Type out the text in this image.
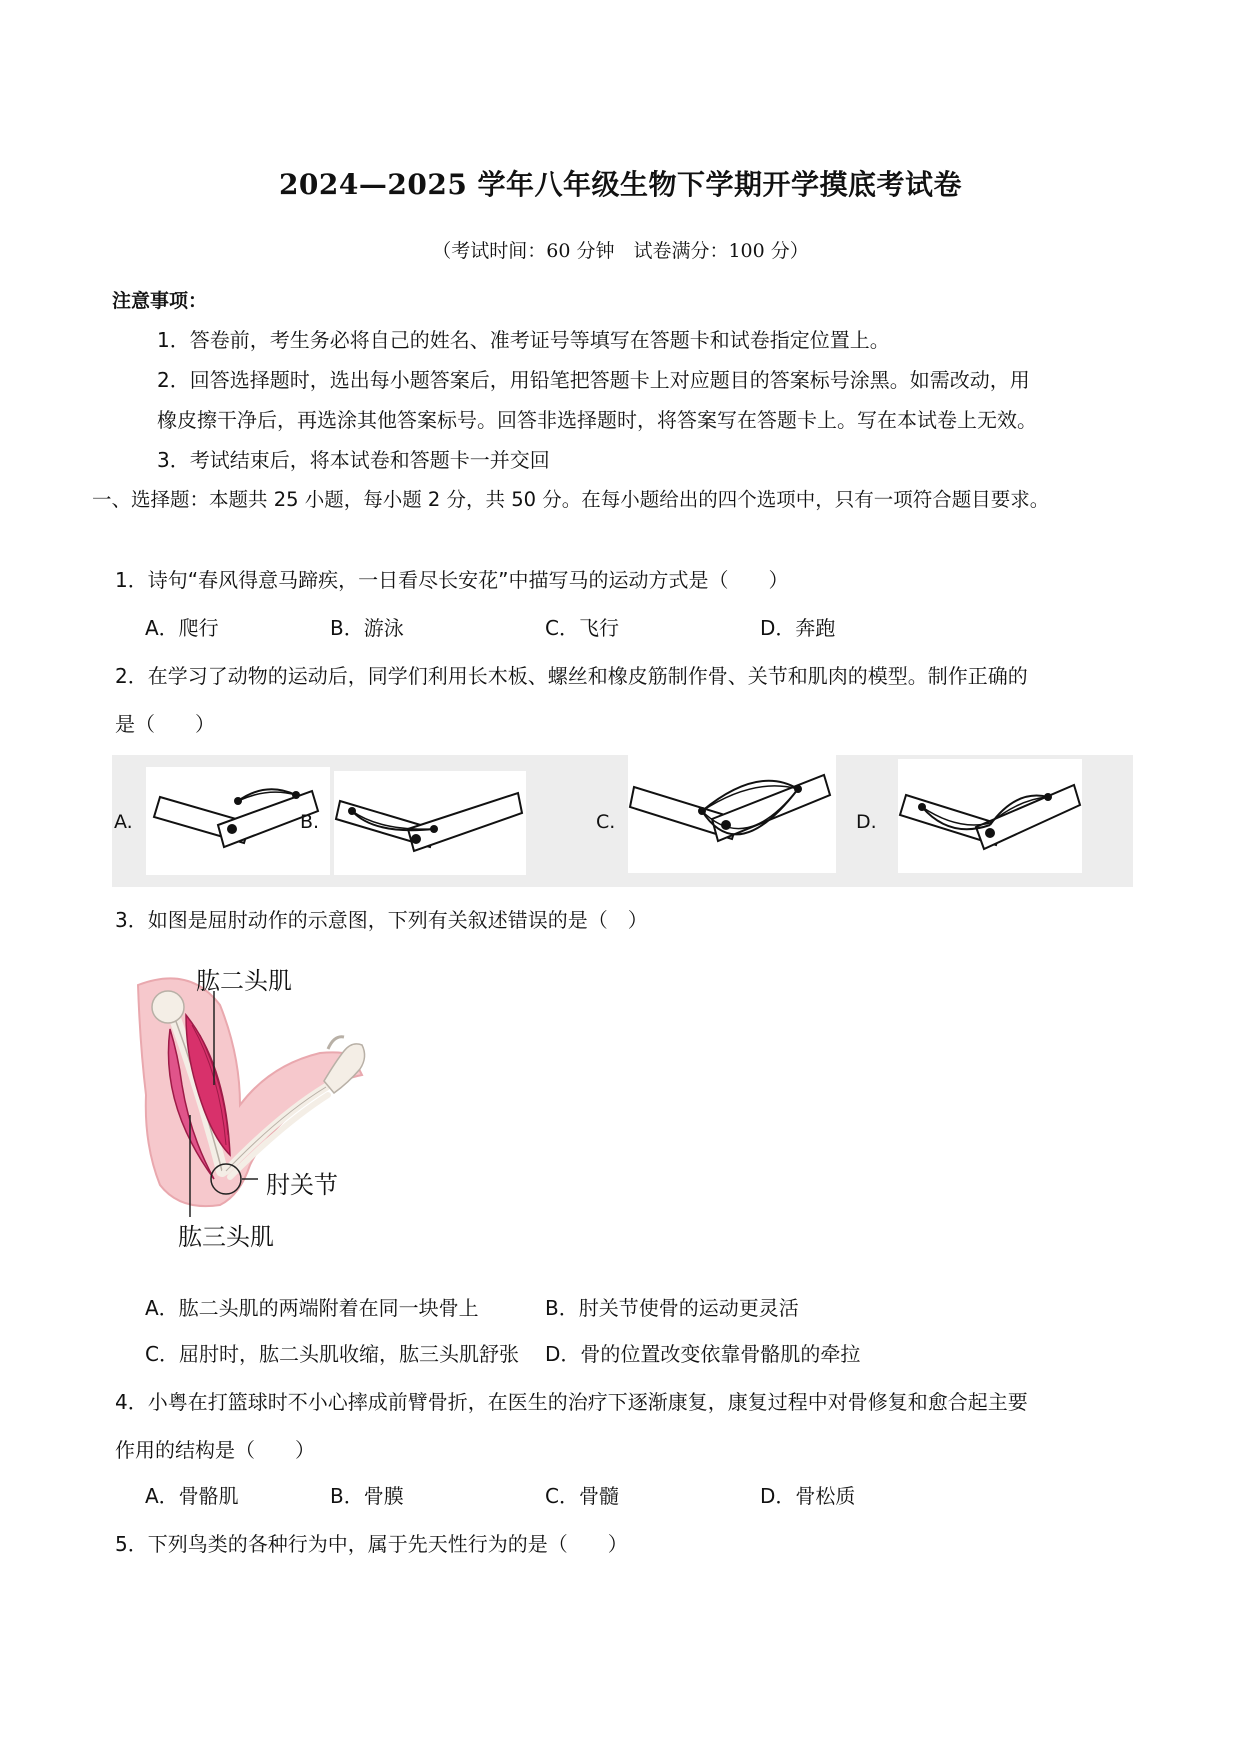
2024—2025 学年八年级生物下学期开学摸底考试卷
（考试时间：60 分钟　试卷满分：100 分）
注意事项：
1．答卷前，考生务必将自己的姓名、准考证号等填写在答题卡和试卷指定位置上。
2．回答选择题时，选出每小题答案后，用铅笔把答题卡上对应题目的答案标号涂黑。如需改动，用
橡皮擦干净后，再选涂其他答案标号。回答非选择题时，将答案写在答题卡上。写在本试卷上无效。
3．考试结束后，将本试卷和答题卡一并交回
一、选择题：本题共 25 小题，每小题 2 分，共 50 分。在每小题给出的四个选项中，只有一项符合题目要求。
1．诗句“春风得意马蹄疾，一日看尽长安花”中描写马的运动方式是（　　）
A．爬行	B．游泳	C．飞行	D．奔跑
2．在学习了动物的运动后，同学们利用长木板、螺丝和橡皮筋制作骨、关节和肌肉的模型。制作正确的
是（　　）
A.	B.	C.	D.
3．如图是屈肘动作的示意图，下列有关叙述错误的是（　）
肱二头肌
肘关节
肱三头肌
A．肱二头肌的两端附着在同一块骨上	B．肘关节使骨的运动更灵活
C．屈肘时，肱二头肌收缩，肱三头肌舒张 D．骨的位置改变依靠骨骼肌的牵拉
4．小粤在打篮球时不小心摔成前臂骨折，在医生的治疗下逐渐康复，康复过程中对骨修复和愈合起主要
作用的结构是（　　）
A．骨骼肌	B．骨膜	C．骨髓	D．骨松质
5．下列鸟类的各种行为中，属于先天性行为的是（　　）
